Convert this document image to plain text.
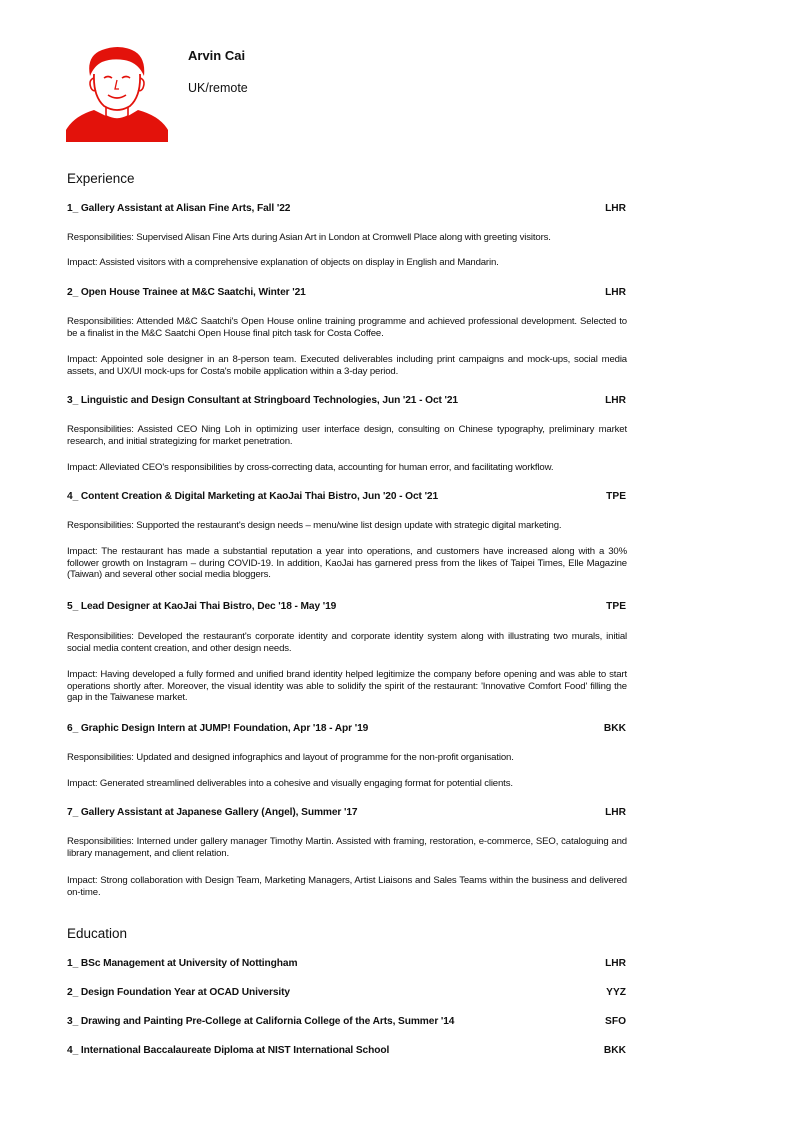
Arvin Cai
UK/remote
Experience
1_ Gallery Assistant at Alisan Fine Arts, Fall '22	LHR
Responsibilities: Supervised Alisan Fine Arts during Asian Art in London at Cromwell Place along with greeting visitors.
Impact: Assisted visitors with a comprehensive explanation of objects on display in English and Mandarin.
2_ Open House Trainee at M&C Saatchi, Winter '21	LHR
Responsibilities: Attended M&C Saatchi's Open House online training programme and achieved professional development. Selected to be a finalist in the M&C Saatchi Open House final pitch task for Costa Coffee.
Impact: Appointed sole designer in an 8-person team. Executed deliverables including print campaigns and mock-ups, social media assets, and UX/UI mock-ups for Costa's mobile application within a 3-day period.
3_ Linguistic and Design Consultant at Stringboard Technologies, Jun '21 - Oct '21	LHR
Responsibilities: Assisted CEO Ning Loh in optimizing user interface design, consulting on Chinese typography, preliminary market research, and initial strategizing for market penetration.
Impact: Alleviated CEO's responsibilities by cross-correcting data, accounting for human error, and facilitating workflow.
4_ Content Creation & Digital Marketing at KaoJai Thai Bistro, Jun '20 - Oct '21	TPE
Responsibilities: Supported the restaurant's design needs – menu/wine list design update with strategic digital marketing.
Impact: The restaurant has made a substantial reputation a year into operations, and customers have increased along with a 30% follower growth on Instagram – during COVID-19. In addition, KaoJai has garnered press from the likes of Taipei Times, Elle Magazine (Taiwan) and several other social media bloggers.
5_ Lead Designer at KaoJai Thai Bistro, Dec '18 - May '19	TPE
Responsibilities: Developed the restaurant's corporate identity and corporate identity system along with illustrating two murals, initial social media content creation, and other design needs.
Impact: Having developed a fully formed and unified brand identity helped legitimize the company before opening and was able to start operations shortly after. Moreover, the visual identity was able to solidify the spirit of the restaurant: 'Innovative Comfort Food' filling the gap in the Taiwanese market.
6_ Graphic Design Intern at JUMP! Foundation, Apr '18 - Apr '19	BKK
Responsibilities: Updated and designed infographics and layout of programme for the non-profit organisation.
Impact: Generated streamlined deliverables into a cohesive and visually engaging format for potential clients.
7_ Gallery Assistant at Japanese Gallery (Angel), Summer '17	LHR
Responsibilities: Interned under gallery manager Timothy Martin. Assisted with framing, restoration, e-commerce, SEO, cataloguing and library management, and client relation.
Impact: Strong collaboration with Design Team, Marketing Managers, Artist Liaisons and Sales Teams within the business and delivered on-time.
Education
1_ BSc Management at University of Nottingham	LHR
2_ Design Foundation Year at OCAD University	YYZ
3_ Drawing and Painting Pre-College at California College of the Arts, Summer '14	SFO
4_ International Baccalaureate Diploma at NIST International School	BKK
